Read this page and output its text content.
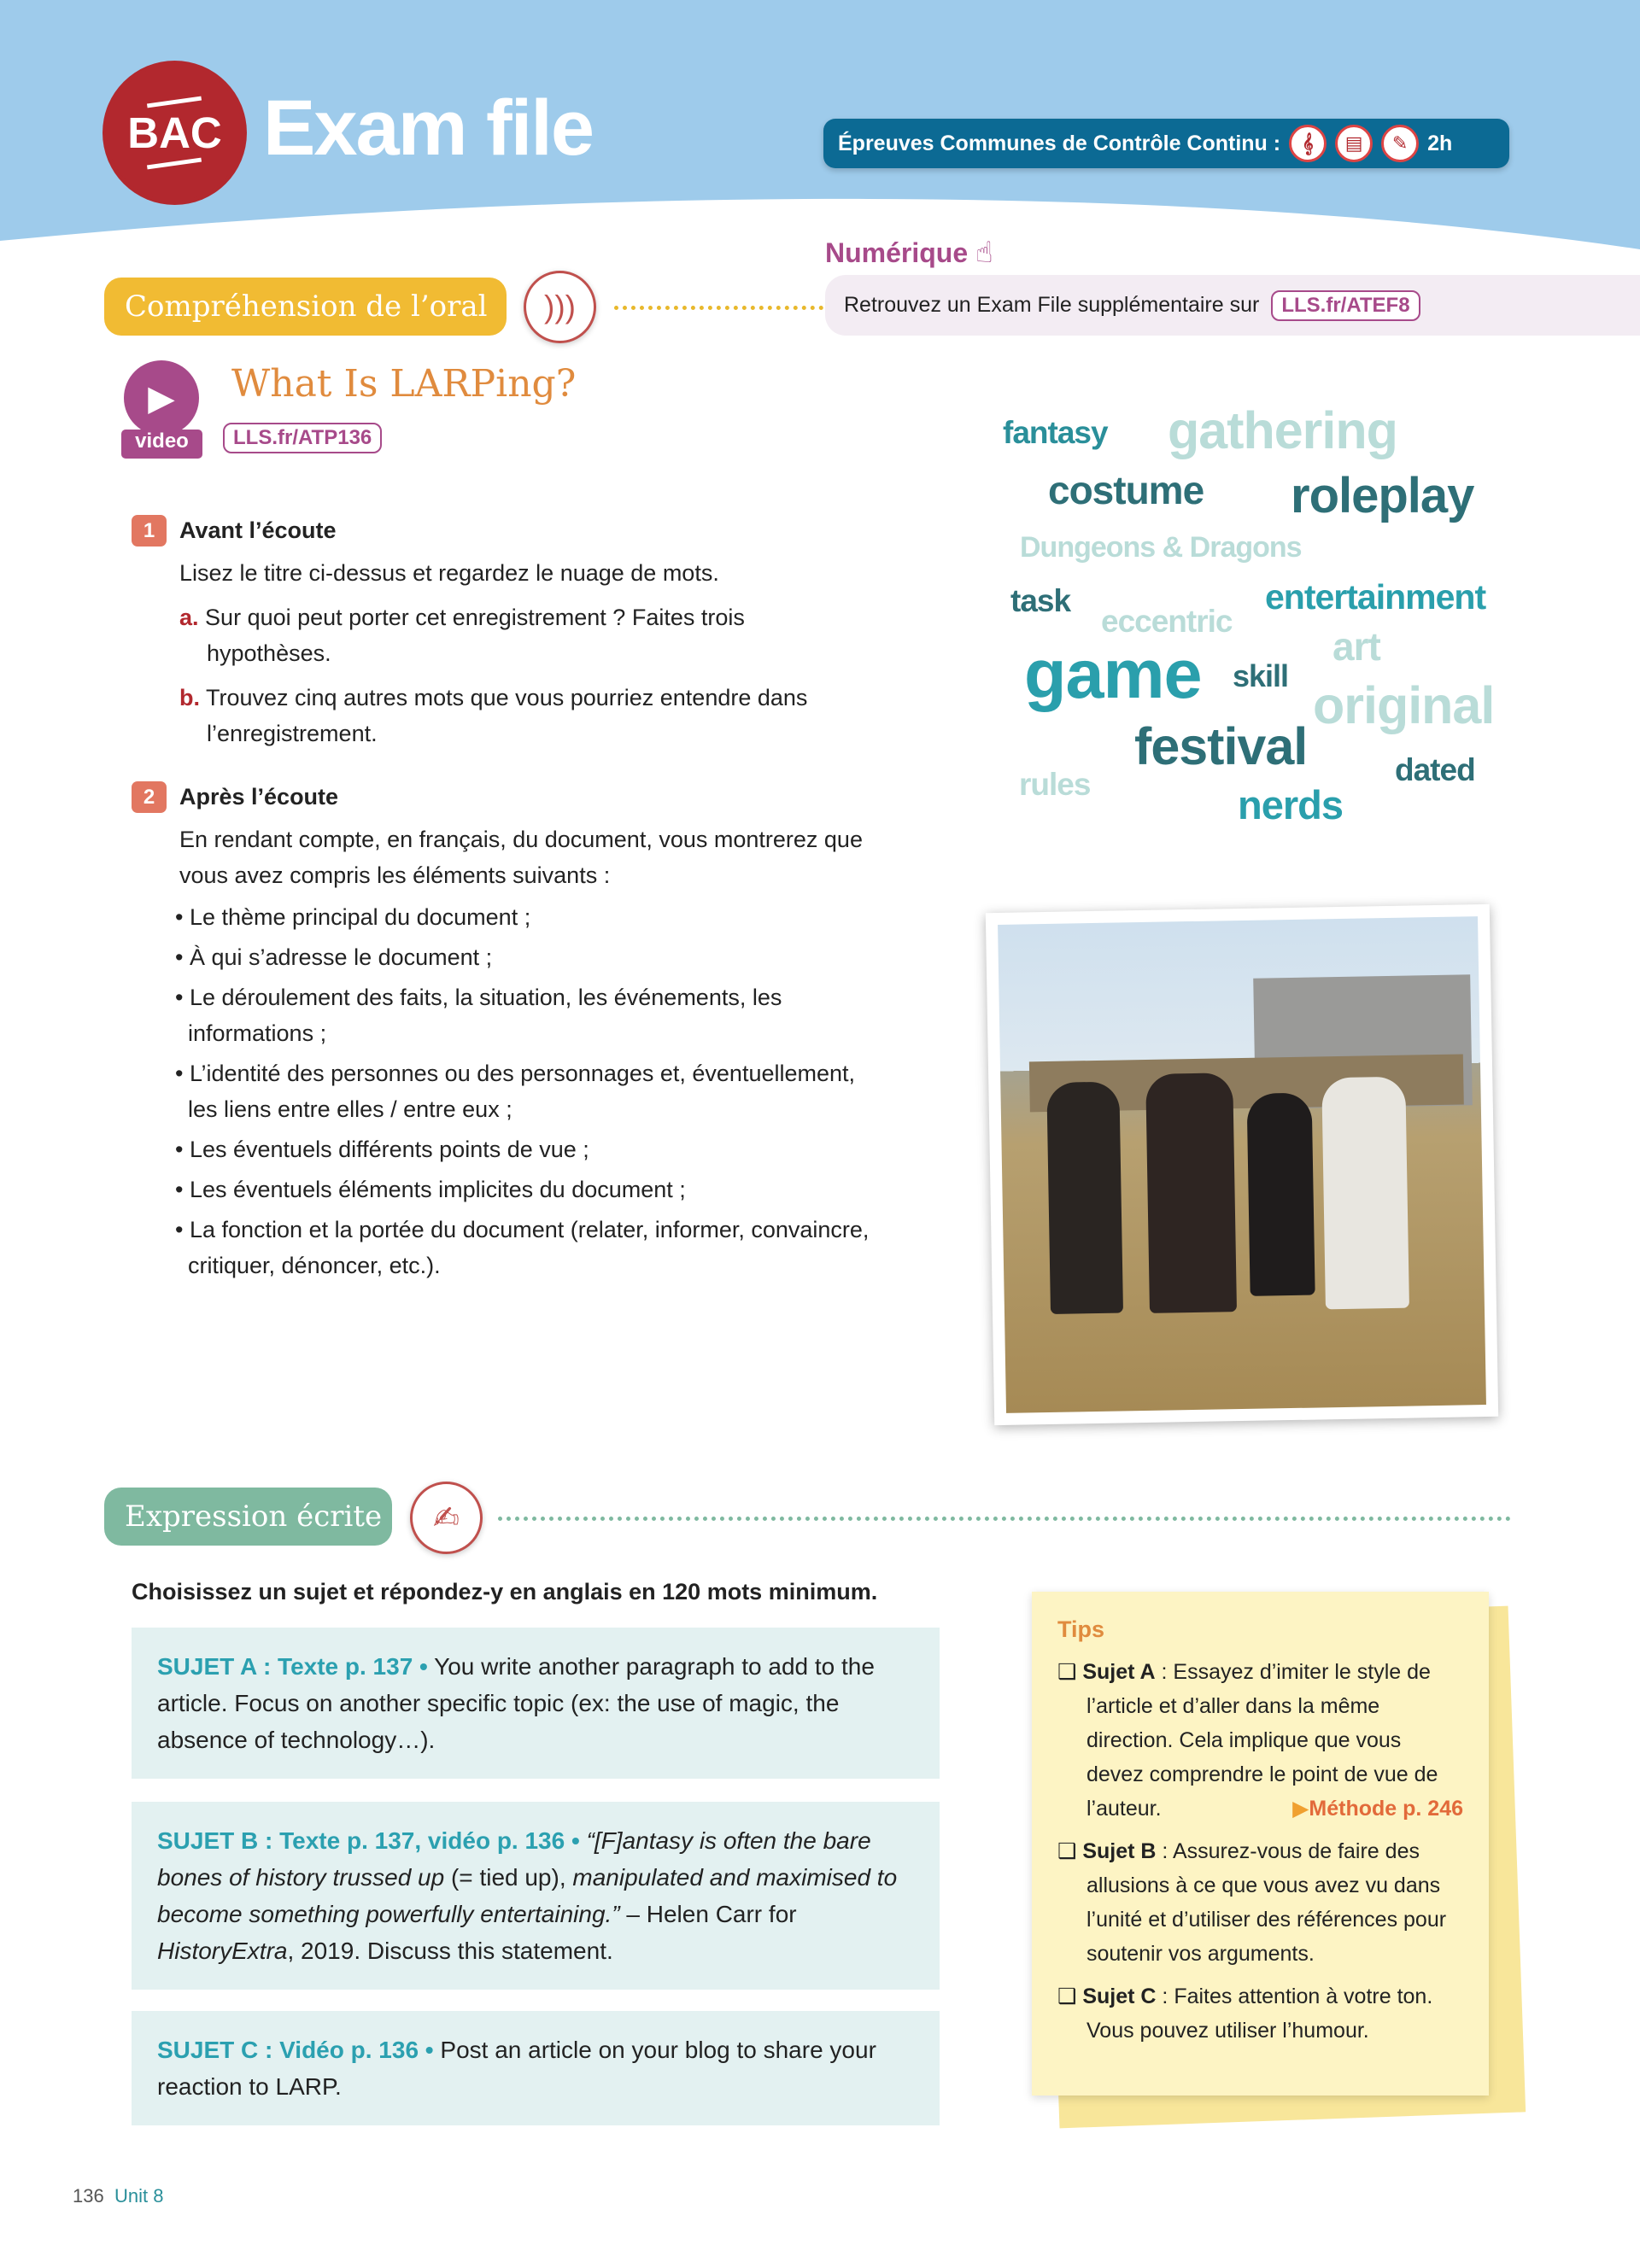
BAC Exam file	Épreuves Communes de Contrôle Continu :	𝄞	▤	✎ 2h
Numérique ☝
Retrouvez un Exam File supplémentaire sur	LLS.fr/ATEF8
Compréhension de l’oral	)))
▶
video
What Is LARPing?
LLS.fr/ATP136
1	Avant l’écoute
Lisez le titre ci-dessus et regardez le nuage de mots.
a. Sur quoi peut porter cet enregistrement ? Faites trois hypothèses.
b. Trouvez cinq autres mots que vous pourriez entendre dans l’enregistrement.
2	Après l’écoute
En rendant compte, en français, du document, vous montrerez que vous avez compris les éléments suivants :
• Le thème principal du document ;
• À qui s’adresse le document ;
• Le déroulement des faits, la situation, les événements, les informations ;
• L’identité des personnes ou des personnages et, éventuellement, les liens entre elles / entre eux ;
• Les éventuels différents points de vue ;
• Les éventuels éléments implicites du document ;
• La fonction et la portée du document (relater, informer, convaincre, critiquer, dénoncer, etc.).
fantasy gathering
costume roleplay
Dungeons & Dragons
task
eccentric
entertainment
art
game skill
original
festival	dated
rules	nerds
Expression écrite	✍
Choisissez un sujet et répondez-y en anglais en 120 mots minimum.
SUJET A : Texte p. 137 • You write another paragraph to add to the article. Focus on another specific topic (ex: the use of magic, the absence of technology…).
SUJET B : Texte p. 137, vidéo p. 136 • “[F]antasy is often the bare bones of history trussed up (= tied up), manipulated and maximised to become something powerfully entertaining.” – Helen Carr for HistoryExtra, 2019. Discuss this statement.
SUJET C : Vidéo p. 136 • Post an article on your blog to share your reaction to LARP.
Tips
❑ Sujet A : Essayez d’imiter le style de l’article et d’aller dans la même direction. Cela implique que vous devez comprendre le point de vue de l’auteur.	▶Méthode p. 246
❑ Sujet B : Assurez-vous de faire des allusions à ce que vous avez vu dans l’unité et d’utiliser des références pour soutenir vos arguments.
❑ Sujet C : Faites attention à votre ton. Vous pouvez utiliser l’humour.
136 Unit 8
